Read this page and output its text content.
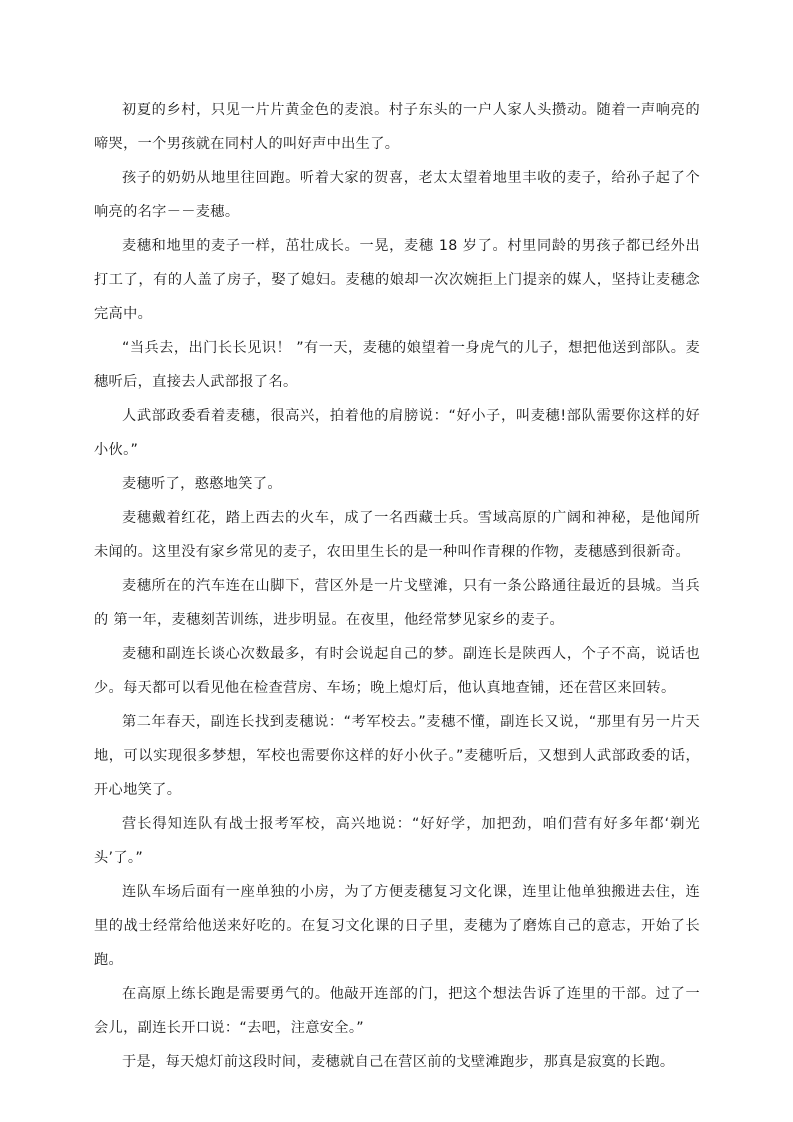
初夏的乡村，只见一片片黄金色的麦浪。村子东头的一户人家人头攒动。随着一声响亮的啼哭，一个男孩就在同村人的叫好声中出生了。

孩子的奶奶从地里往回跑。听着大家的贺喜，老太太望着地里丰收的麦子，给孙子起了个响亮的名字－－麦穗。

麦穗和地里的麦子一样，茁壮成长。一晃，麦穗 18 岁了。村里同龄的男孩子都已经外出打工了，有的人盖了房子，娶了媳妇。麦穗的娘却一次次婉拒上门提亲的媒人，坚持让麦穗念完高中。

“当兵去，出门长长见识！ ”有一天，麦穗的娘望着一身虎气的儿子，想把他送到部队。麦穗听后，直接去人武部报了名。

人武部政委看着麦穗，很高兴，拍着他的肩膀说：“好小子，叫麦穗!部队需要你这样的好小伙。”

麦穗听了，憨憨地笑了。

麦穗戴着红花，踏上西去的火车，成了一名西藏士兵。雪域高原的广阔和神秘，是他闻所未闻的。这里没有家乡常见的麦子，农田里生长的是一种叫作青稞的作物，麦穗感到很新奇。

麦穗所在的汽车连在山脚下，营区外是一片戈壁滩，只有一条公路通往最近的县城。当兵的 第一年，麦穗刻苦训练，进步明显。在夜里，他经常梦见家乡的麦子。

麦穗和副连长谈心次数最多，有时会说起自己的梦。副连长是陕西人，个子不高，说话也少。每天都可以看见他在检查营房、车场；晚上熄灯后，他认真地查铺，还在营区来回转。

第二年春天，副连长找到麦穗说：“考军校去。”麦穗不懂，副连长又说，“那里有另一片天 地，可以实现很多梦想，军校也需要你这样的好小伙子。”麦穗听后，又想到人武部政委的话，开心地笑了。

营长得知连队有战士报考军校，高兴地说：“好好学，加把劲，咱们营有好多年都‘剃光头’了。”

连队车场后面有一座单独的小房，为了方便麦穗复习文化课，连里让他单独搬进去住，连里的战士经常给他送来好吃的。在复习文化课的日子里，麦穗为了磨炼自己的意志，开始了长跑。

在高原上练长跑是需要勇气的。他敲开连部的门，把这个想法告诉了连里的干部。过了一会儿，副连长开口说：“去吧，注意安全。”

于是，每天熄灯前这段时间，麦穗就自己在营区前的戈壁滩跑步，那真是寂寞的长跑。
